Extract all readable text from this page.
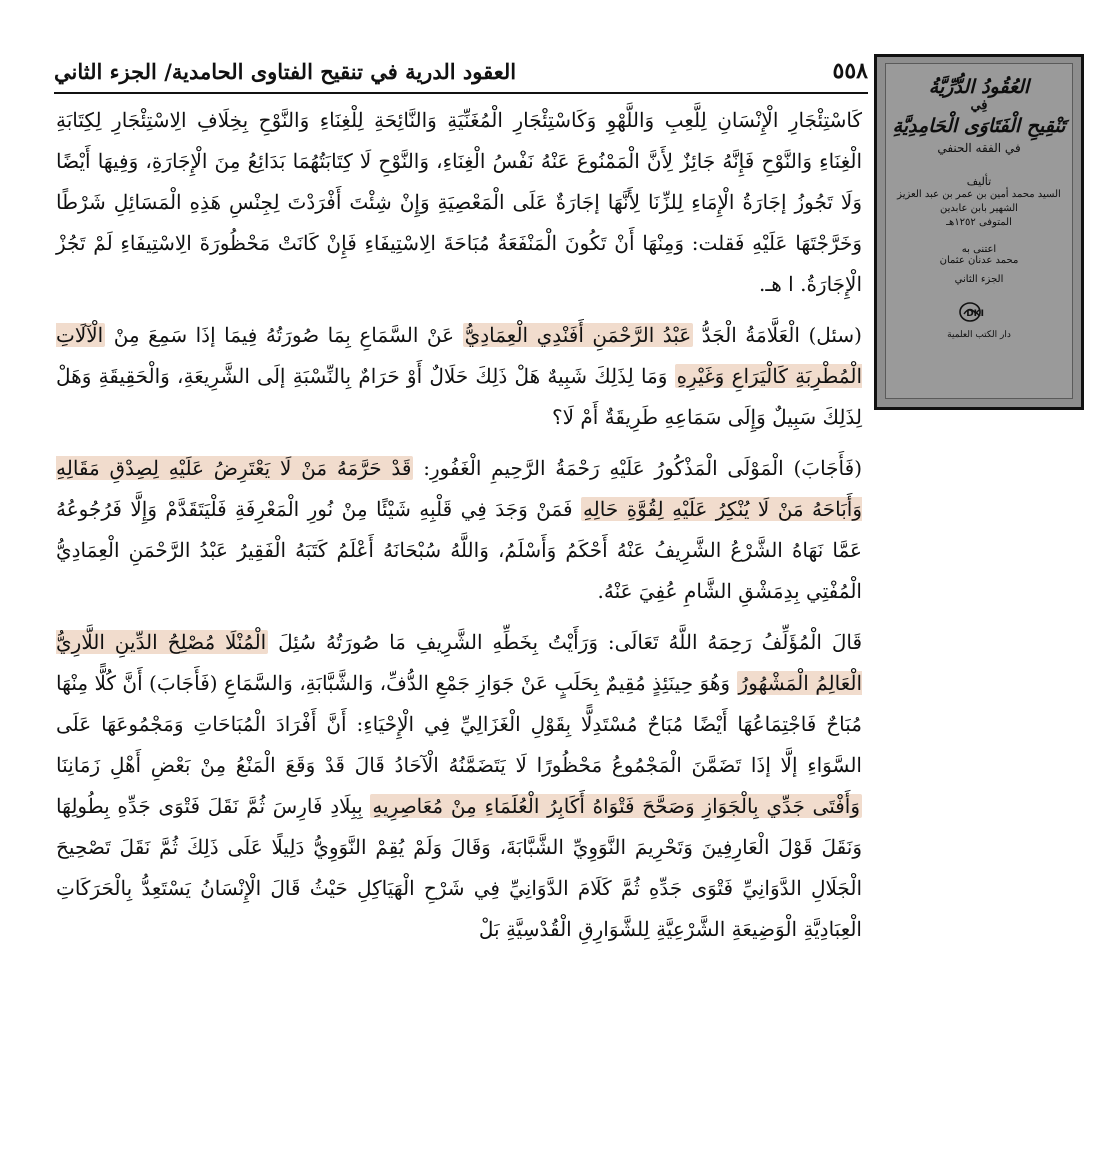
٥٥٨
العقود الدرية في تنقيح الفتاوى الحامدية/ الجزء الثاني

كَاسْتِئْجَارِ الْإِنْسَانِ لِلَّعِبِ وَاللَّهْوِ وَكَاسْتِئْجَارِ الْمُغَنِّيَةِ وَالنَّائِحَةِ لِلْغِنَاءِ وَالنَّوْحِ بِخِلَافِ الِاسْتِئْجَارِ لِكِتَابَةِ الْغِنَاءِ وَالنَّوْحِ فَإِنَّهُ جَائِزٌ لِأَنَّ الْمَمْنُوعَ عَنْهُ نَفْسُ الْغِنَاءِ، وَالنَّوْحِ لَا كِتَابَتُهُمَا بَدَائِعُ مِنَ الْإِجَارَةِ، وَفِيهَا أَيْضًا وَلَا تَجُوزُ إجَارَةُ الْإِمَاءِ لِلزِّنَا لِأَنَّهَا إجَارَةٌ عَلَى الْمَعْصِيَةِ وَإِنْ شِئْتَ أَفْرَدْتَ لِجِنْسِ هَذِهِ الْمَسَائِلِ شَرْطًا وَخَرَّجْتَهَا عَلَيْهِ فَقلت: وَمِنْهَا أَنْ تَكُونَ الْمَنْفَعَةُ مُبَاحَةَ الِاسْتِيفَاءِ فَإِنْ كَانَتْ مَحْظُورَةَ الِاسْتِيفَاءِ لَمْ تَجُزْ الْإِجَارَةُ. ا هـ.

(سئل) الْعَلَّامَةُ الْجَدُّ عَبْدُ الرَّحْمَنِ أَفَنْدِي الْعِمَادِيُّ عَنْ السَّمَاعِ بِمَا صُورَتُهُ فِيمَا إذَا سَمِعَ مِنْ الْآلَاتِ الْمُطْرِبَةِ كَالْيَرَاعِ وَغَيْرِهِ وَمَا لِذَلِكَ شَبِيهٌ هَلْ ذَلِكَ حَلَالٌ أَوْ حَرَامٌ بِالنِّسْبَةِ إلَى الشَّرِيعَةِ، وَالْحَقِيقَةِ وَهَلْ لِذَلِكَ سَبِيلٌ وَإِلَى سَمَاعِهِ طَرِيقَةٌ أَمْ لَا؟

(فَأَجَابَ) الْمَوْلَى الْمَذْكُورُ عَلَيْهِ رَحْمَةُ الرَّحِيمِ الْغَفُورِ: قَدْ حَرَّمَهُ مَنْ لَا يَعْتَرِضُ عَلَيْهِ لِصِدْقِ مَقَالِهِ وَأَبَاحَهُ مَنْ لَا يُنْكِرُ عَلَيْهِ لِقُوَّةِ حَالِهِ فَمَنْ وَجَدَ فِي قَلْبِهِ شَيْئًا مِنْ نُورِ الْمَعْرِفَةِ فَلْيَتَقَدَّمْ وَإِلَّا فَرُجُوعُهُ عَمَّا نَهَاهُ الشَّرْعُ الشَّرِيفُ عَنْهُ أَحْكَمُ وَأَسْلَمُ، وَاللَّهُ سُبْحَانَهُ أَعْلَمُ كَتَبَهُ الْفَقِيرُ عَبْدُ الرَّحْمَنِ الْعِمَادِيُّ الْمُفْتِي بِدِمَشْقِ الشَّامِ عُفِيَ عَنْهُ.

قَالَ الْمُؤَلِّفُ رَحِمَهُ اللَّهُ تَعَالَى: وَرَأَيْتُ بِخَطِّهِ الشَّرِيفِ مَا صُورَتُهُ سُئِلَ الْمُنْلَا مُصْلِحُ الدِّينِ اللَّارِيُّ الْعَالِمُ الْمَشْهُورُ وَهُوَ حِينَئِذٍ مُقِيمٌ بِحَلَبٍ عَنْ جَوَازِ جَمْعِ الدُّفِّ، وَالشَّبَّابَةِ، وَالسَّمَاعِ (فَأَجَابَ) أَنَّ كُلًّا مِنْهَا مُبَاحٌ فَاجْتِمَاعُهَا أَيْضًا مُبَاحٌ مُسْتَدِلًّا بِقَوْلِ الْغَزَالِيِّ فِي الْإِحْيَاءِ: أَنَّ أَفْرَادَ الْمُبَاحَاتِ وَمَجْمُوعَهَا عَلَى السَّوَاءِ إلَّا إذَا تَضَمَّنَ الْمَجْمُوعُ مَحْظُورًا لَا يَتَضَمَّنُهُ الْآحَادُ قَالَ قَدْ وَقَعَ الْمَنْعُ مِنْ بَعْضِ أَهْلِ زَمَانِنَا وَأَفْتَى جَدِّي بِالْجَوَازِ وَصَحَّحَ فَتْوَاهُ أَكَابِرُ الْعُلَمَاءِ مِنْ مُعَاصِرِيهِ بِبِلَادِ فَارِسَ ثُمَّ نَقَلَ فَتْوَى جَدِّهِ بِطُولِهَا وَنَقَلَ قَوْلَ الْعَارِفِينَ وَتَحْرِيمَ النَّوَوِيِّ الشَّبَّابَةَ، وَقَالَ وَلَمْ يُقِمْ النَّوَوِيُّ دَلِيلًا عَلَى ذَلِكَ ثُمَّ نَقَلَ تَصْحِيحَ الْجَلَالِ الدَّوَانِيِّ فَتْوَى جَدِّهِ ثُمَّ كَلَامَ الدَّوَانِيِّ فِي شَرْحِ الْهَيَاكِلِ حَيْثُ قَالَ الْإِنْسَانُ يَسْتَعِدُّ بِالْحَرَكَاتِ الْعِبَادِيَّةِ الْوَضِيعَةِ الشَّرْعِيَّةِ لِلشَّوَارِقِ الْقُدْسِيَّةِ بَلْ

العُقُودُ الدُّرِّيَّةُ
فِي
تَنْقِيحِ الْفَتَاوَى الْحَامِدِيَّةِ
في الفقه الحنفي
تأليف
السيد محمد أمين بن عمر بن عبد العزيز
الشهير بابن عابدين
المتوفى ١٢٥٢هـ
اعتنى به
محمد عدنان عثمان
الجزء الثاني
DKI
دار الكتب العلمية
